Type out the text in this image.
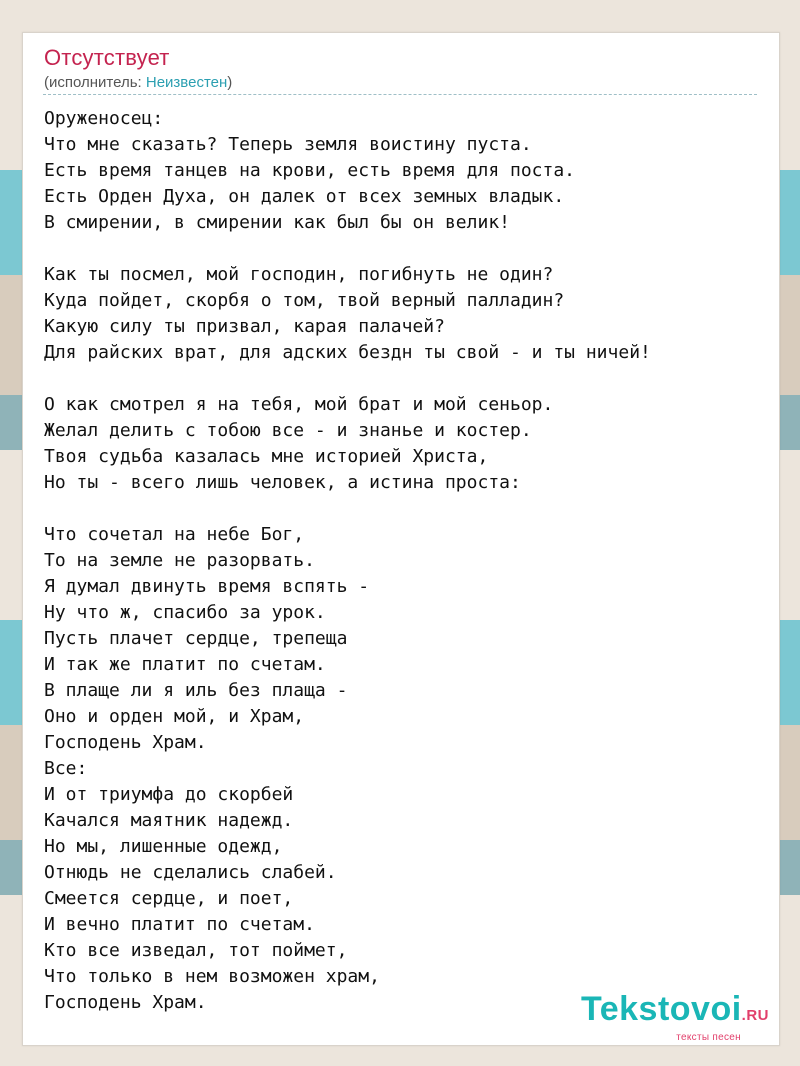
Отсутствует
(исполнитель: Неизвестен)
Оруженосец:
Что мне сказать? Теперь земля воистину пуста.
Есть время танцев на крови, есть время для поста.
Есть Орден Духа, он далек от всех земных владык.
В смирении, в смирении как был бы он велик!

Как ты посмел, мой господин, погибнуть не один?
Куда пойдет, скорбя о том, твой верный палладин?
Какую силу ты призвал, карая палачей?
Для райских врат, для адских бездн ты свой - и ты ничей!

О как смотрел я на тебя, мой брат и мой сеньор.
Желал делить с тобою все - и знанье и костер.
Твоя судьба казалась мне историей Христа,
Но ты - всего лишь человек, а истина проста:

Что сочетал на небе Бог,
То на земле не разорвать.
Я думал двинуть время вспять -
Ну что ж, спасибо за урок.
Пусть плачет сердце, трепеща
И так же платит по счетам.
В плаще ли я иль без плаща -
Оно и орден мой, и Храм,
Господень Храм.
Все:
И от триумфа до скорбей
Качался маятник надежд.
Но мы, лишенные одежд,
Отнюдь не сделались слабей.
Смеется сердце, и поет,
И вечно платит по счетам.
Кто все изведал, тот поймет,
Что только в нем возможен храм,
Господень Храм.	Tekstovoi.RU
тексты песен
